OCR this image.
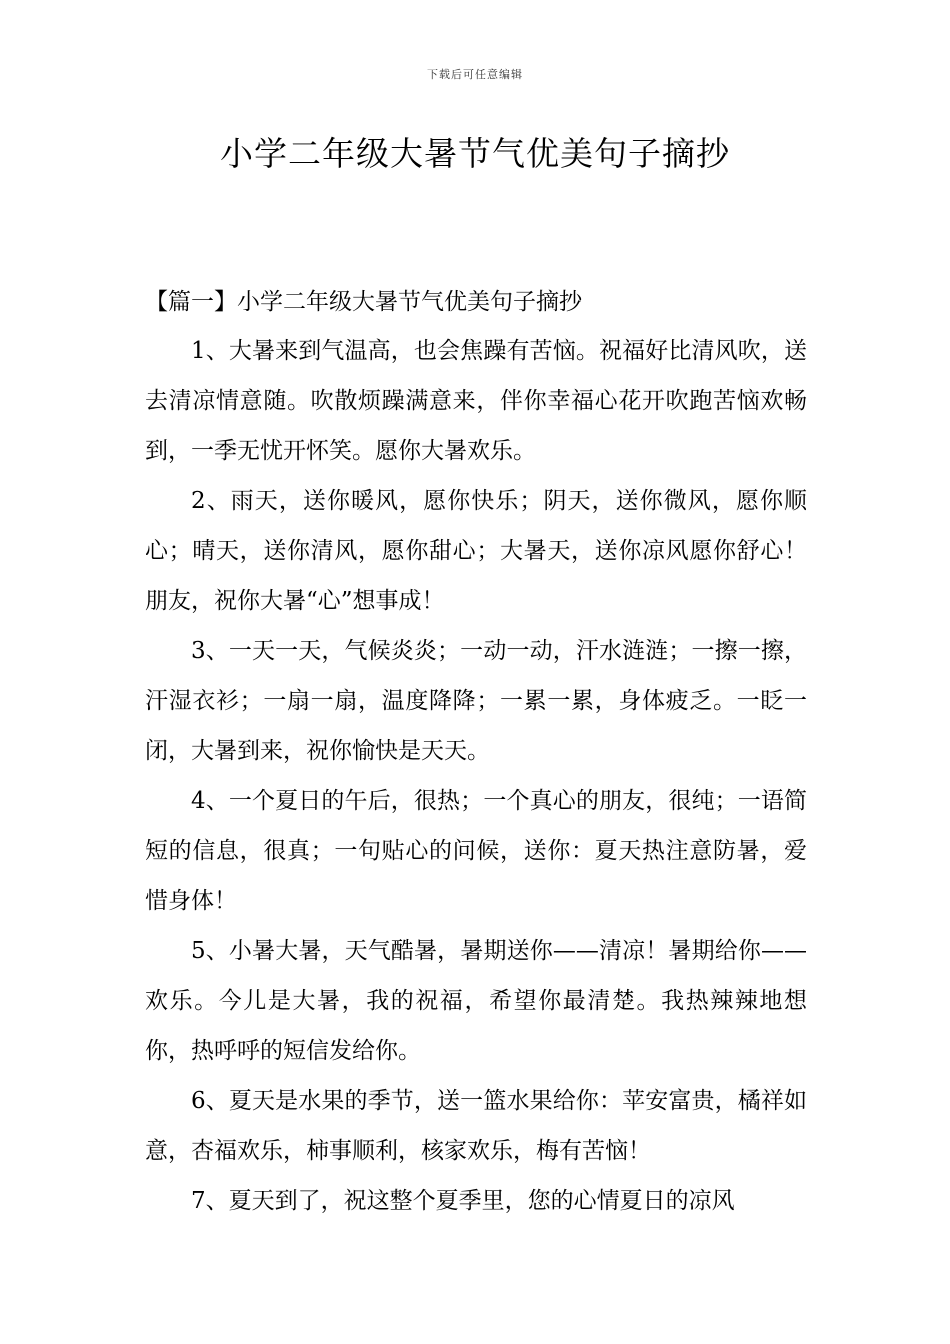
下载后可任意编辑
小学二年级大暑节气优美句子摘抄

【篇一】小学二年级大暑节气优美句子摘抄

1、大暑来到气温高，也会焦躁有苦恼。祝福好比清风吹，送去清凉情意随。吹散烦躁满意来，伴你幸福心花开吹跑苦恼欢畅到，一季无忧开怀笑。愿你大暑欢乐。

2、雨天，送你暖风，愿你快乐；阴天，送你微风，愿你顺心；晴天，送你清风，愿你甜心；大暑天，送你凉风愿你舒心！朋友，祝你大暑“心”想事成！

3、一天一天，气候炎炎；一动一动，汗水涟涟；一擦一擦，汗湿衣衫；一扇一扇，温度降降；一累一累，身体疲乏。一眨一闭，大暑到来，祝你愉快是天天。

4、一个夏日的午后，很热；一个真心的朋友，很纯；一语简短的信息，很真；一句贴心的问候，送你：夏天热注意防暑，爱惜身体！

5、小暑大暑，天气酷暑，暑期送你——清凉！暑期给你——欢乐。今儿是大暑，我的祝福，希望你最清楚。我热辣辣地想你，热呼呼的短信发给你。

6、夏天是水果的季节，送一篮水果给你：苹安富贵，橘祥如意，杏福欢乐，柿事顺利，核家欢乐，梅有苦恼！

7、夏天到了，祝这整个夏季里，您的心情夏日的凉风
